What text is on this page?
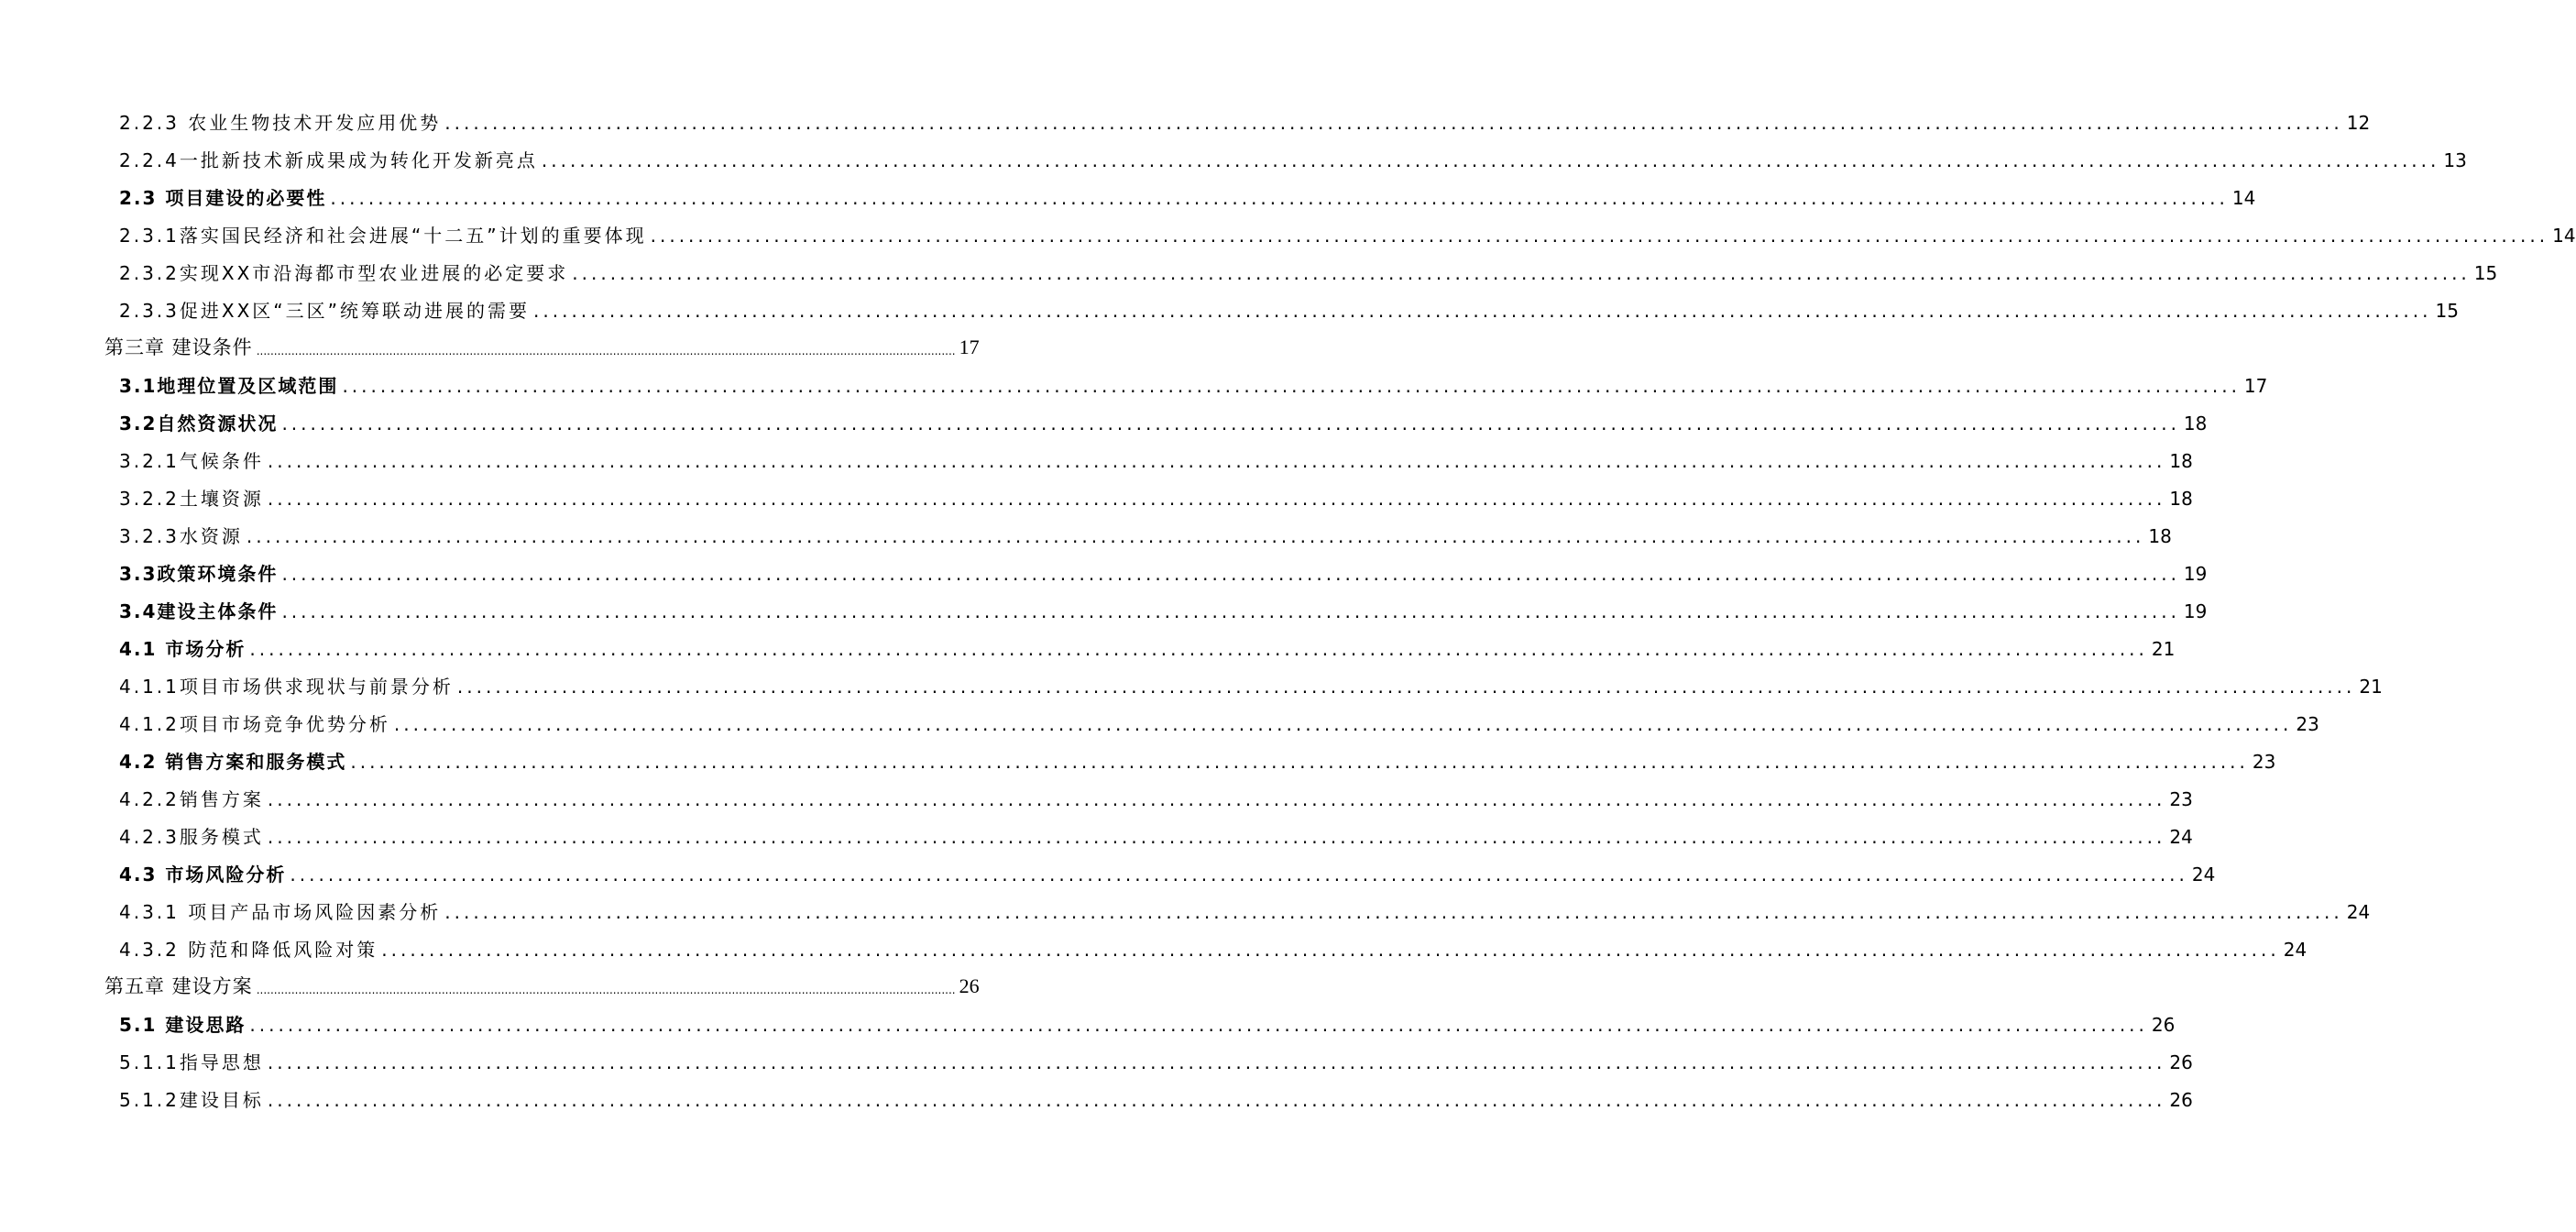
2.2.3 农业生物技术开发应用优势 ........................................................................................................................................................................................................ 12
2.2.4一批新技术新成果成为转化开发新亮点 ........................................................................................................................................................................................................ 13
2.3 项目建设的必要性 ........................................................................................................................................................................................................ 14
2.3.1落实国民经济和社会进展“十二五”计划的重要体现 ........................................................................................................................................................................................................ 14
2.3.2实现XX市沿海都市型农业进展的必定要求 ........................................................................................................................................................................................................ 15
2.3.3促进XX区“三区”统筹联动进展的需要 ........................................................................................................................................................................................................ 15
第三章 建设条件 ........................................................................................................................................................................................................ 17
3.1地理位置及区域范围 ........................................................................................................................................................................................................ 17
3.2自然资源状况 ........................................................................................................................................................................................................ 18
3.2.1气候条件 ........................................................................................................................................................................................................ 18
3.2.2土壤资源 ........................................................................................................................................................................................................ 18
3.2.3水资源 ........................................................................................................................................................................................................ 18
3.3政策环境条件 ........................................................................................................................................................................................................ 19
3.4建设主体条件 ........................................................................................................................................................................................................ 19
4.1 市场分析 ........................................................................................................................................................................................................ 21
4.1.1项目市场供求现状与前景分析 ........................................................................................................................................................................................................ 21
4.1.2项目市场竞争优势分析 ........................................................................................................................................................................................................ 23
4.2 销售方案和服务模式 ........................................................................................................................................................................................................ 23
4.2.2销售方案 ........................................................................................................................................................................................................ 23
4.2.3服务模式 ........................................................................................................................................................................................................ 24
4.3 市场风险分析 ........................................................................................................................................................................................................ 24
4.3.1 项目产品市场风险因素分析 ........................................................................................................................................................................................................ 24
4.3.2 防范和降低风险对策 ........................................................................................................................................................................................................ 24
第五章 建设方案 ........................................................................................................................................................................................................ 26
5.1 建设思路 ........................................................................................................................................................................................................ 26
5.1.1指导思想 ........................................................................................................................................................................................................ 26
5.1.2建设目标 ........................................................................................................................................................................................................ 26
